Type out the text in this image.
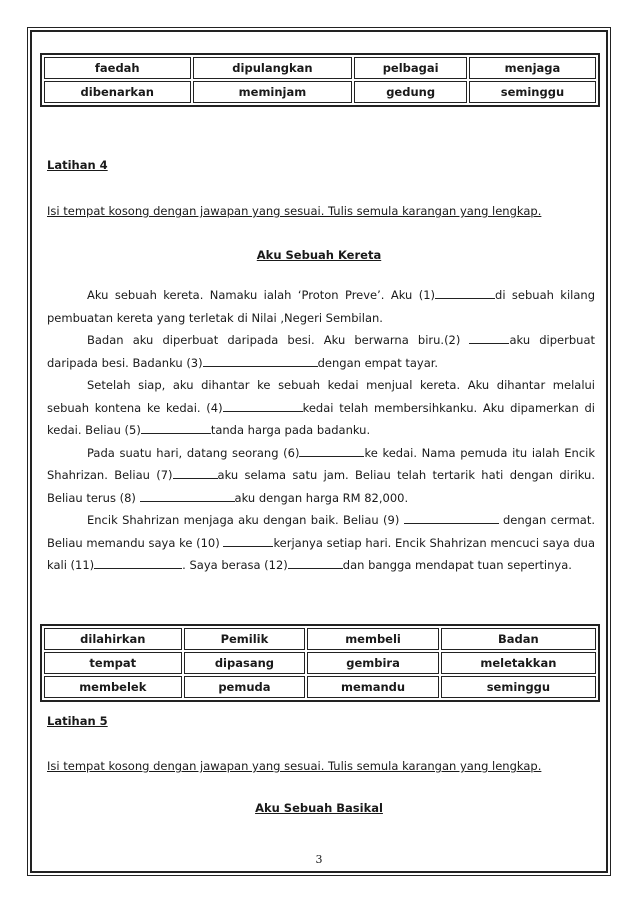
faedah	dipulangkan	pelbagai	menjaga
dibenarkan	meminjam	gedung	seminggu

Latihan 4

Isi tempat kosong dengan jawapan yang sesuai. Tulis semula karangan yang lengkap.

Aku Sebuah Kereta

Aku sebuah kereta. Namaku ialah ‘Proton Preve’. Aku (1)	di sebuah kilang pembuatan kereta yang terletak di Nilai ,Negeri Sembilan.

Badan aku diperbuat daripada besi. Aku berwarna biru.(2)	aku diperbuat daripada besi. Badanku (3)	dengan empat tayar.

Setelah siap, aku dihantar ke sebuah kedai menjual kereta. Aku dihantar melalui sebuah kontena ke kedai. (4)	kedai telah membersihkanku. Aku dipamerkan di kedai. Beliau (5)	tanda harga pada badanku.

Pada suatu hari, datang seorang (6)	ke kedai. Nama pemuda itu ialah Encik Shahrizan. Beliau (7)	aku selama satu jam. Beliau telah tertarik hati dengan diriku. Beliau terus (8)	aku dengan harga RM 82,000.

Encik Shahrizan menjaga aku dengan baik. Beliau (9)	dengan cermat. Beliau memandu saya ke (10)	kerjanya setiap hari. Encik Shahrizan mencuci saya dua kali (11)	. Saya berasa (12)	dan bangga mendapat tuan sepertinya.

dilahirkan	Pemilik	membeli	Badan
tempat	dipasang	gembira	meletakkan
membelek	pemuda	memandu	seminggu

Latihan 5

Isi tempat kosong dengan jawapan yang sesuai. Tulis semula karangan yang lengkap.

Aku Sebuah Basikal

3
